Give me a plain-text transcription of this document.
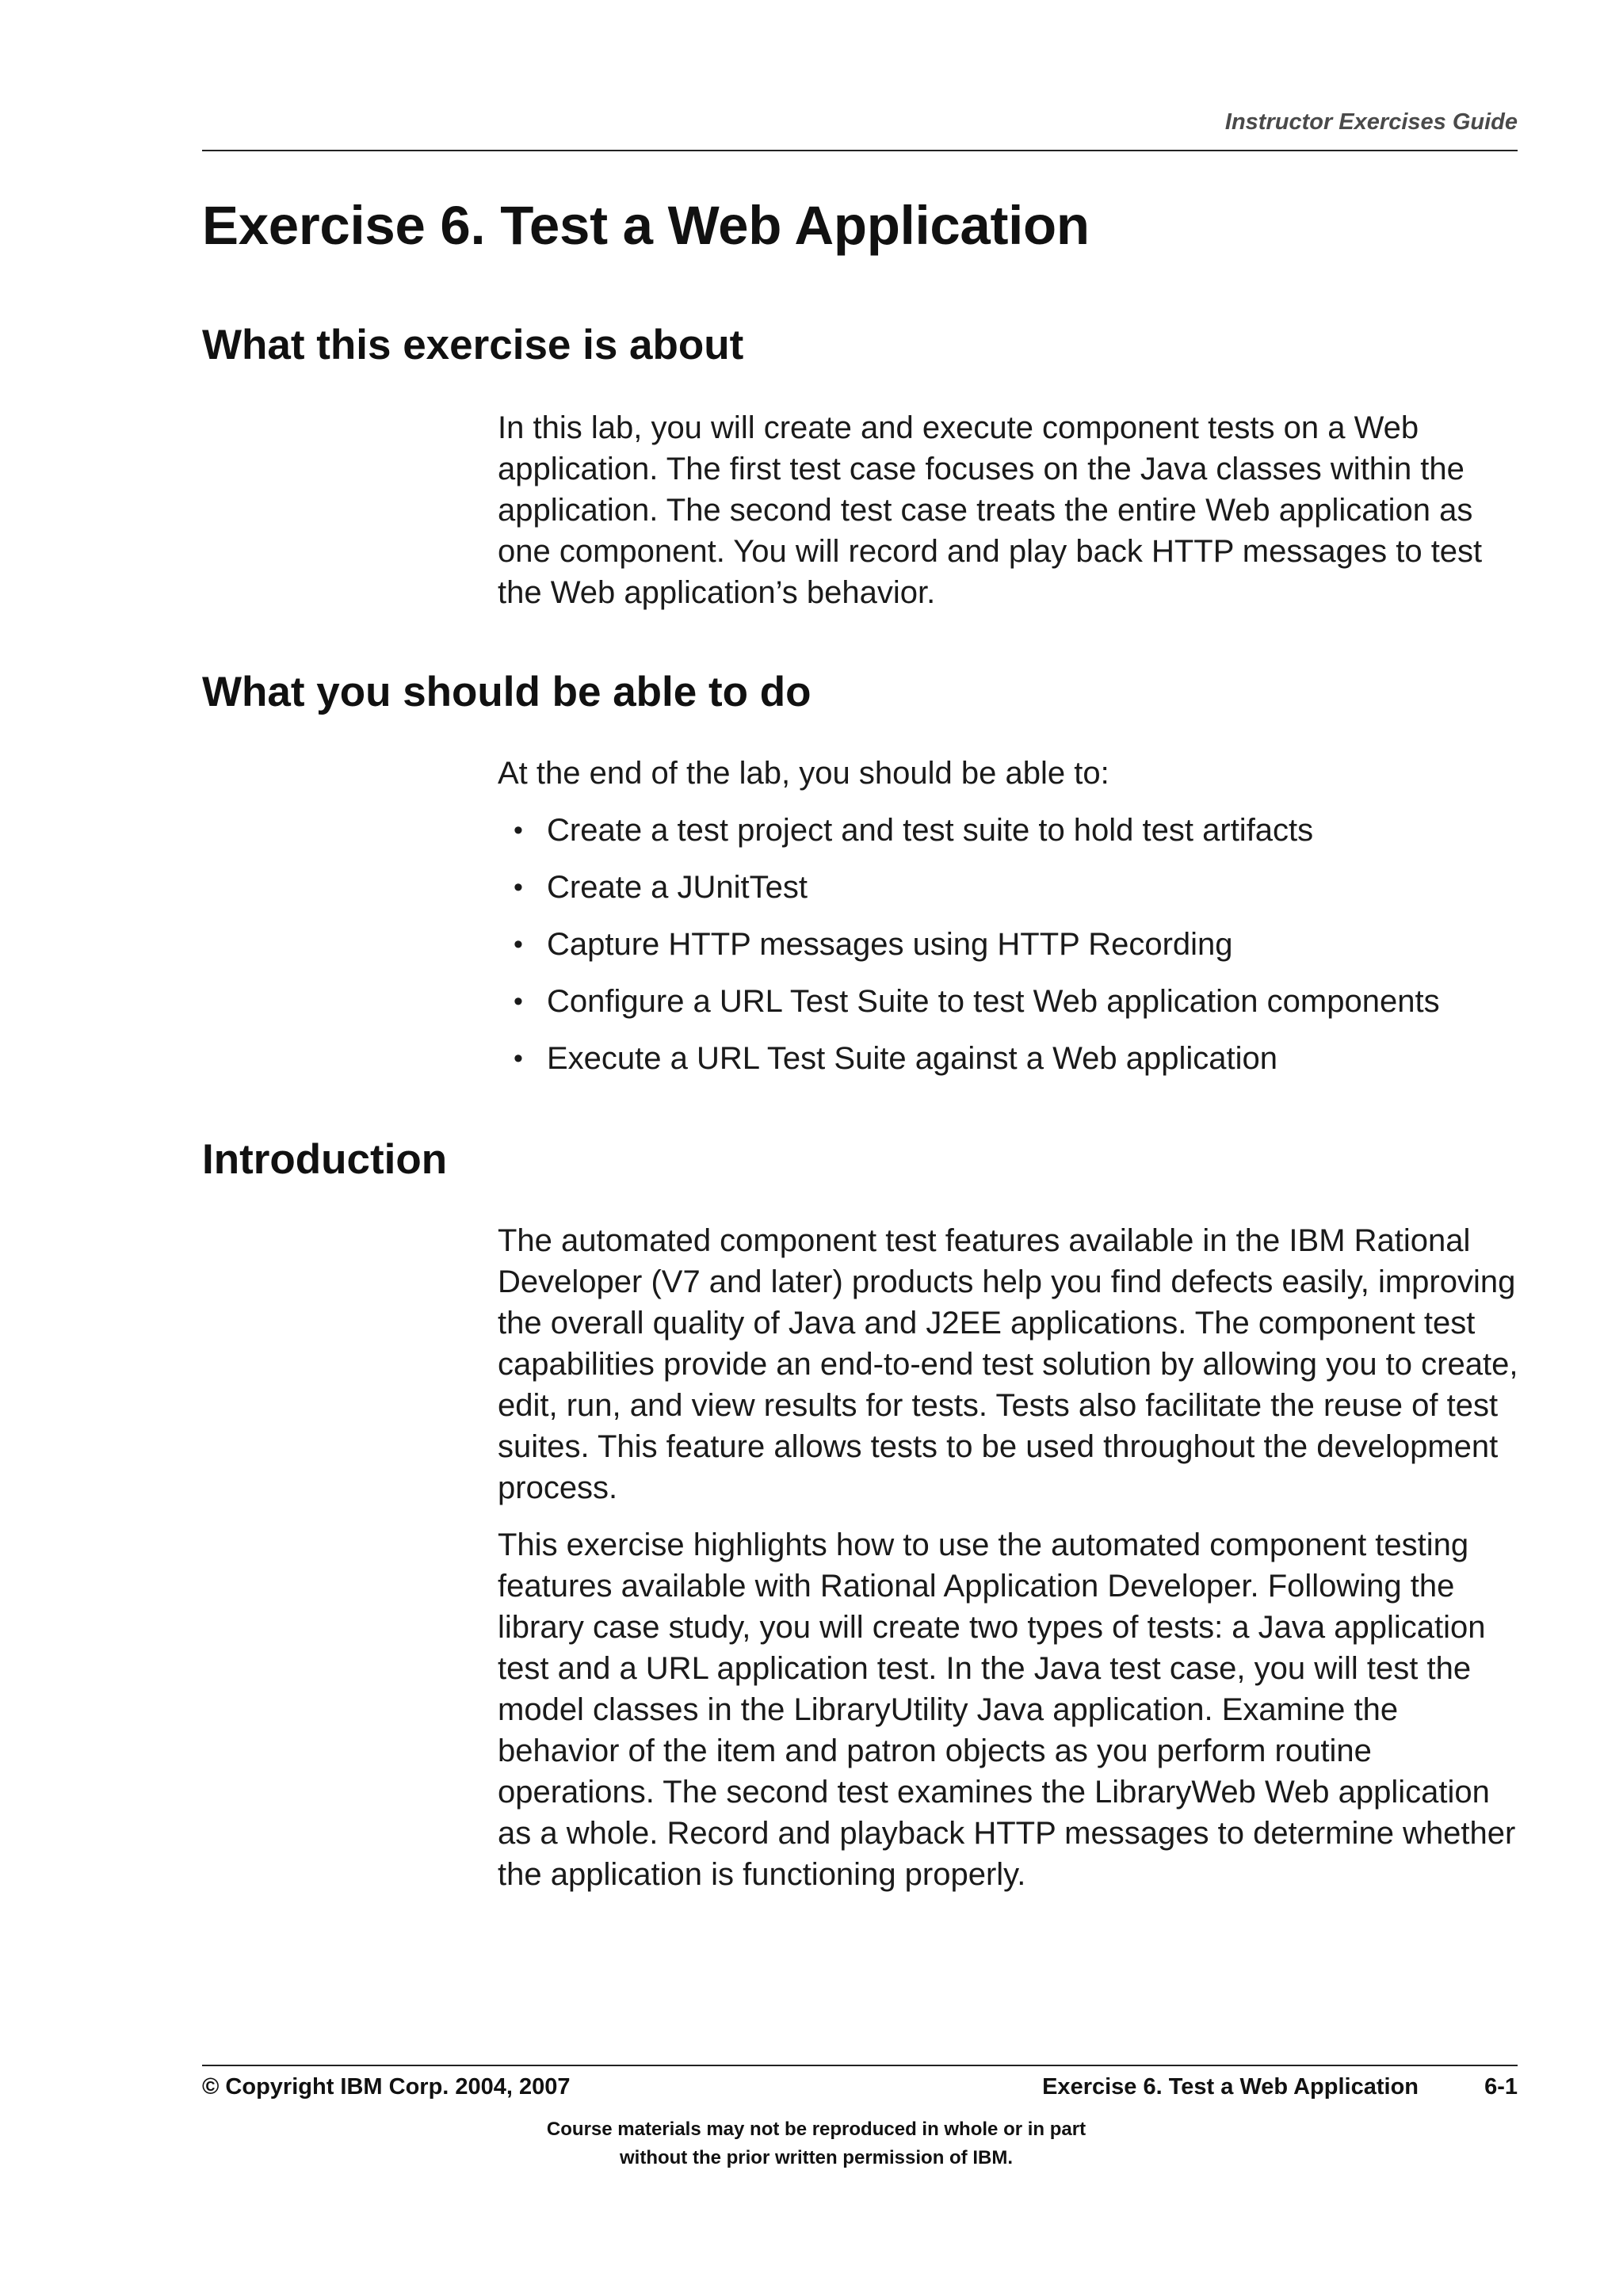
Instructor Exercises Guide
Exercise 6. Test a Web Application
What this exercise is about

In this lab, you will create and execute component tests on a Web application. The first test case focuses on the Java classes within the application. The second test case treats the entire Web application as one component. You will record and play back HTTP messages to test the Web application’s behavior.

What you should be able to do

At the end of the lab, you should be able to:

• Create a test project and test suite to hold test artifacts
• Create a JUnitTest
• Capture HTTP messages using HTTP Recording
• Configure a URL Test Suite to test Web application components
• Execute a URL Test Suite against a Web application
Introduction

The automated component test features available in the IBM Rational Developer (V7 and later) products help you find defects easily, improving the overall quality of Java and J2EE applications. The component test capabilities provide an end-to-end test solution by allowing you to create, edit, run, and view results for tests. Tests also facilitate the reuse of test suites. This feature allows tests to be used throughout the development process.

This exercise highlights how to use the automated component testing features available with Rational Application Developer. Following the library case study, you will create two types of tests: a Java application test and a URL application test. In the Java test case, you will test the model classes in the LibraryUtility Java application. Examine the behavior of the item and patron objects as you perform routine operations. The second test examines the LibraryWeb Web application as a whole. Record and playback HTTP messages to determine whether the application is functioning properly.

© Copyright IBM Corp. 2004, 2007	Exercise 6. Test a Web Application	6-1
Course materials may not be reproduced in whole or in part
without the prior written permission of IBM.
